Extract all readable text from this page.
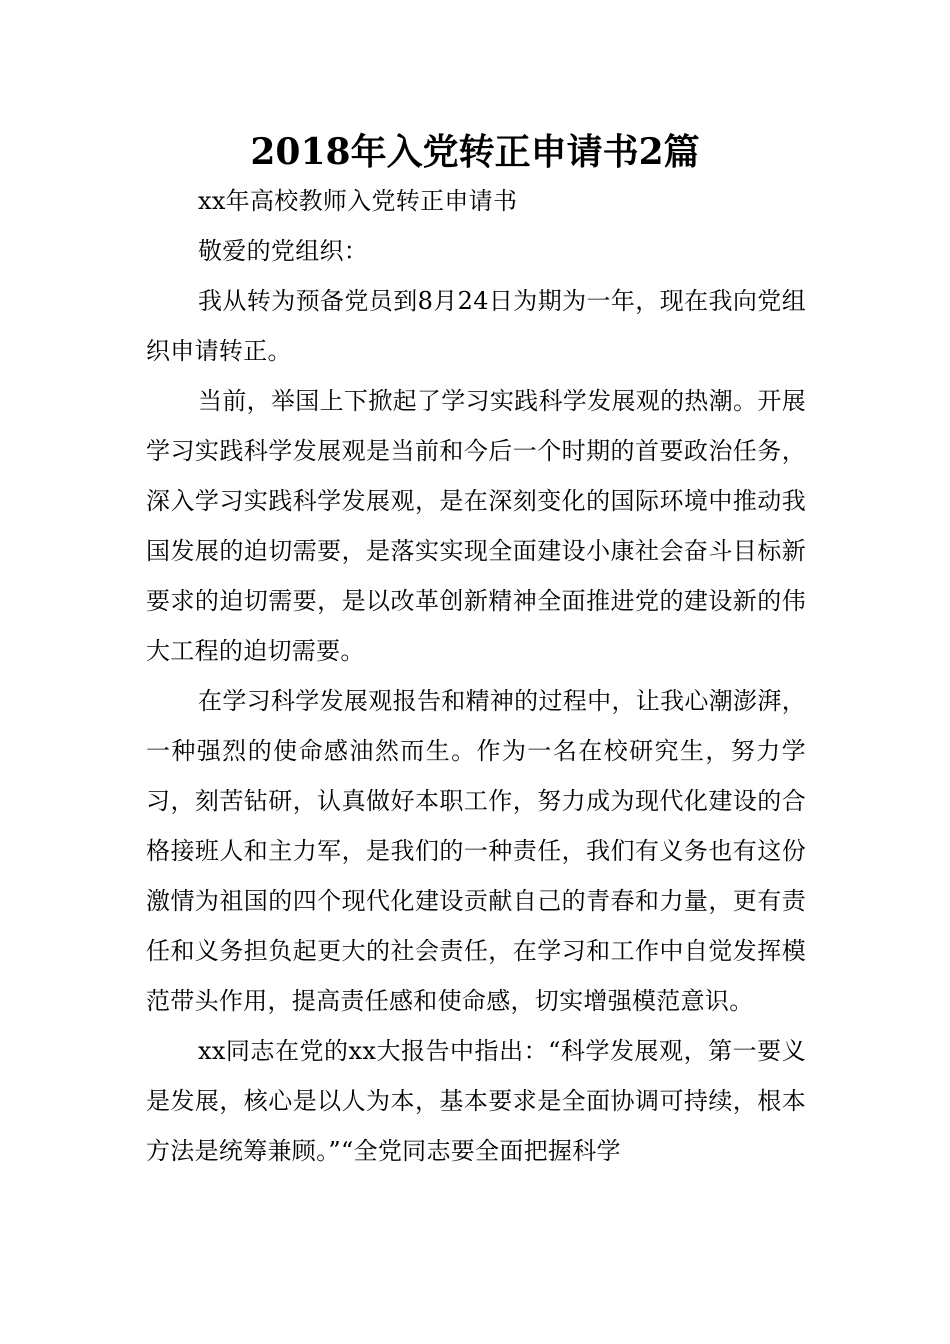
2018年入党转正申请书2篇

xx年高校教师入党转正申请书

敬爱的党组织：

我从转为预备党员到8月24日为期为一年，现在我向党组织申请转正。

当前，举国上下掀起了学习实践科学发展观的热潮。开展学习实践科学发展观是当前和今后一个时期的首要政治任务，深入学习实践科学发展观，是在深刻变化的国际环境中推动我国发展的迫切需要，是落实实现全面建设小康社会奋斗目标新要求的迫切需要，是以改革创新精神全面推进党的建设新的伟大工程的迫切需要。

在学习科学发展观报告和精神的过程中，让我心潮澎湃，一种强烈的使命感油然而生。作为一名在校研究生，努力学习，刻苦钻研，认真做好本职工作，努力成为现代化建设的合格接班人和主力军，是我们的一种责任，我们有义务也有这份激情为祖国的四个现代化建设贡献自己的青春和力量，更有责任和义务担负起更大的社会责任，在学习和工作中自觉发挥模范带头作用，提高责任感和使命感，切实增强模范意识。

xx同志在党的xx大报告中指出：“科学发展观，第一要义是发展，核心是以人为本，基本要求是全面协调可持续，根本方法是统筹兼顾。”“全党同志要全面把握科学
